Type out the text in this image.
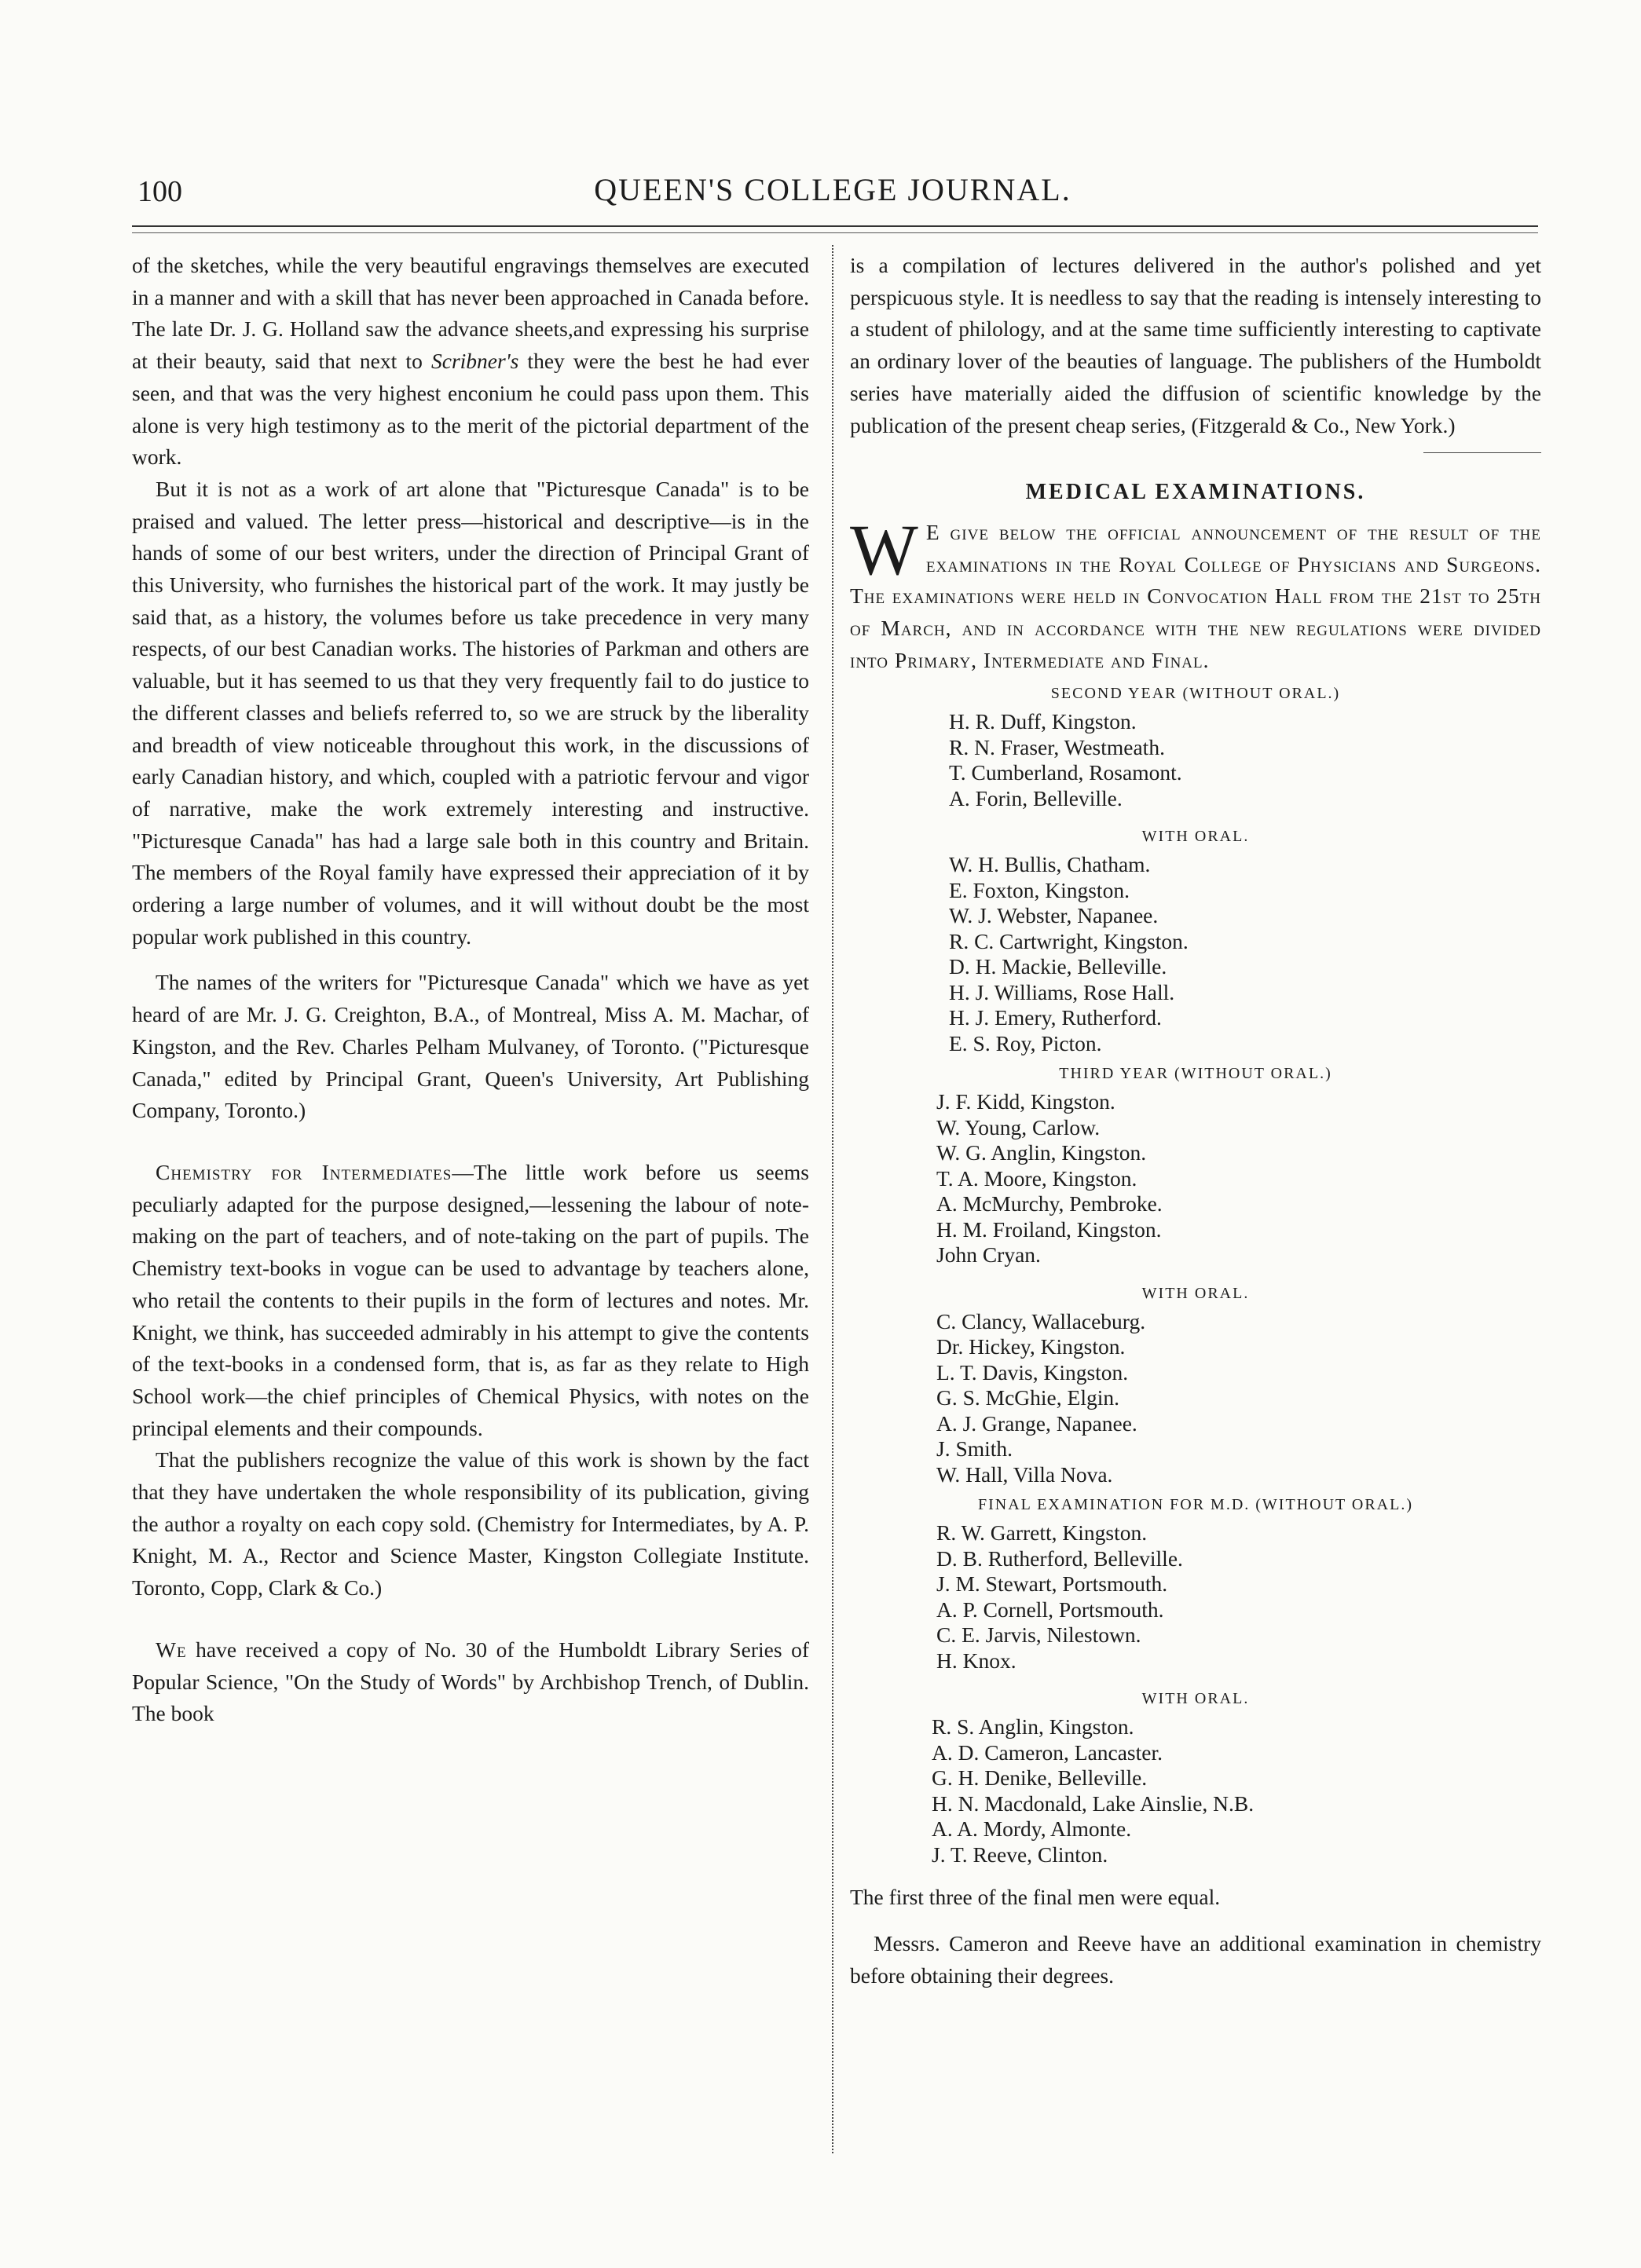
100	QUEEN'S COLLEGE JOURNAL.

of the sketches, while the very beautiful engravings themselves are executed in a manner and with a skill that has never been approached in Canada before. The late Dr. J. G. Holland saw the advance sheets,and expressing his surprise at their beauty, said that next to Scribner's they were the best he had ever seen, and that was the very highest enconium he could pass upon them. This alone is very high testimony as to the merit of the pictorial department of the work.

But it is not as a work of art alone that "Picturesque Canada" is to be praised and valued. The letter press—historical and descriptive—is in the hands of some of our best writers, under the direction of Principal Grant of this University, who furnishes the historical part of the work. It may justly be said that, as a history, the volumes before us take precedence in very many respects, of our best Canadian works. The histories of Parkman and others are valuable, but it has seemed to us that they very frequently fail to do justice to the different classes and beliefs referred to, so we are struck by the liberality and breadth of view noticeable throughout this work, in the discussions of early Canadian history, and which, coupled with a patriotic fervour and vigor of narrative, make the work extremely interesting and instructive. "Picturesque Canada" has had a large sale both in this country and Britain. The members of the Royal family have expressed their appreciation of it by ordering a large number of volumes, and it will without doubt be the most popular work published in this country.

The names of the writers for "Picturesque Canada" which we have as yet heard of are Mr. J. G. Creighton, B.A., of Montreal, Miss A. M. Machar, of Kingston, and the Rev. Charles Pelham Mulvaney, of Toronto. ("Picturesque Canada," edited by Principal Grant, Queen's University, Art Publishing Company, Toronto.)

Chemistry for Intermediates—The little work before us seems peculiarly adapted for the purpose designed,—lessening the labour of note-making on the part of teachers, and of note-taking on the part of pupils. The Chemistry text-books in vogue can be used to advantage by teachers alone, who retail the contents to their pupils in the form of lectures and notes. Mr. Knight, we think, has succeeded admirably in his attempt to give the contents of the text-books in a condensed form, that is, as far as they relate to High School work—the chief principles of Chemical Physics, with notes on the principal elements and their compounds.

That the publishers recognize the value of this work is shown by the fact that they have undertaken the whole responsibility of its publication, giving the author a royalty on each copy sold. (Chemistry for Intermediates, by A. P. Knight, M. A., Rector and Science Master, Kingston Collegiate Institute. Toronto, Copp, Clark & Co.)

We have received a copy of No. 30 of the Humboldt Library Series of Popular Science, "On the Study of Words" by Archbishop Trench, of Dublin. The book

is a compilation of lectures delivered in the author's polished and yet perspicuous style. It is needless to say that the reading is intensely interesting to a student of philology, and at the same time sufficiently interesting to captivate an ordinary lover of the beauties of language. The publishers of the Humboldt series have materially aided the diffusion of scientific knowledge by the publication of the present cheap series, (Fitzgerald & Co., New York.)

MEDICAL EXAMINATIONS.

W E give below the official announcement of the result of the examinations in the Royal College of Physicians and Surgeons. The examinations were held in Convocation Hall from the 21st to 25th of March, and in accordance with the new regulations were divided into Primary, Intermediate and Final.

SECOND YEAR (WITHOUT ORAL.)
H. R. Duff, Kingston.
R. N. Fraser, Westmeath.
T. Cumberland, Rosamont.
A. Forin, Belleville.
WITH ORAL.
W. H. Bullis, Chatham.
E. Foxton, Kingston.
W. J. Webster, Napanee.
R. C. Cartwright, Kingston.
D. H. Mackie, Belleville.
H. J. Williams, Rose Hall.
H. J. Emery, Rutherford.
E. S. Roy, Picton.
THIRD YEAR (WITHOUT ORAL.)
J. F. Kidd, Kingston.
W. Young, Carlow.
W. G. Anglin, Kingston.
T. A. Moore, Kingston.
A. McMurchy, Pembroke.
H. M. Froiland, Kingston.
John Cryan.
WITH ORAL.
C. Clancy, Wallaceburg.
Dr. Hickey, Kingston.
L. T. Davis, Kingston.
G. S. McGhie, Elgin.
A. J. Grange, Napanee.
J. Smith.
W. Hall, Villa Nova.
FINAL EXAMINATION FOR M.D. (WITHOUT ORAL.)
R. W. Garrett, Kingston.
D. B. Rutherford, Belleville.
J. M. Stewart, Portsmouth.
A. P. Cornell, Portsmouth.
C. E. Jarvis, Nilestown.
H. Knox.
WITH ORAL.
R. S. Anglin, Kingston.
A. D. Cameron, Lancaster.
G. H. Denike, Belleville.
H. N. Macdonald, Lake Ainslie, N.B.
A. A. Mordy, Almonte.
J. T. Reeve, Clinton.

The first three of the final men were equal.

Messrs. Cameron and Reeve have an additional examination in chemistry before obtaining their degrees.
